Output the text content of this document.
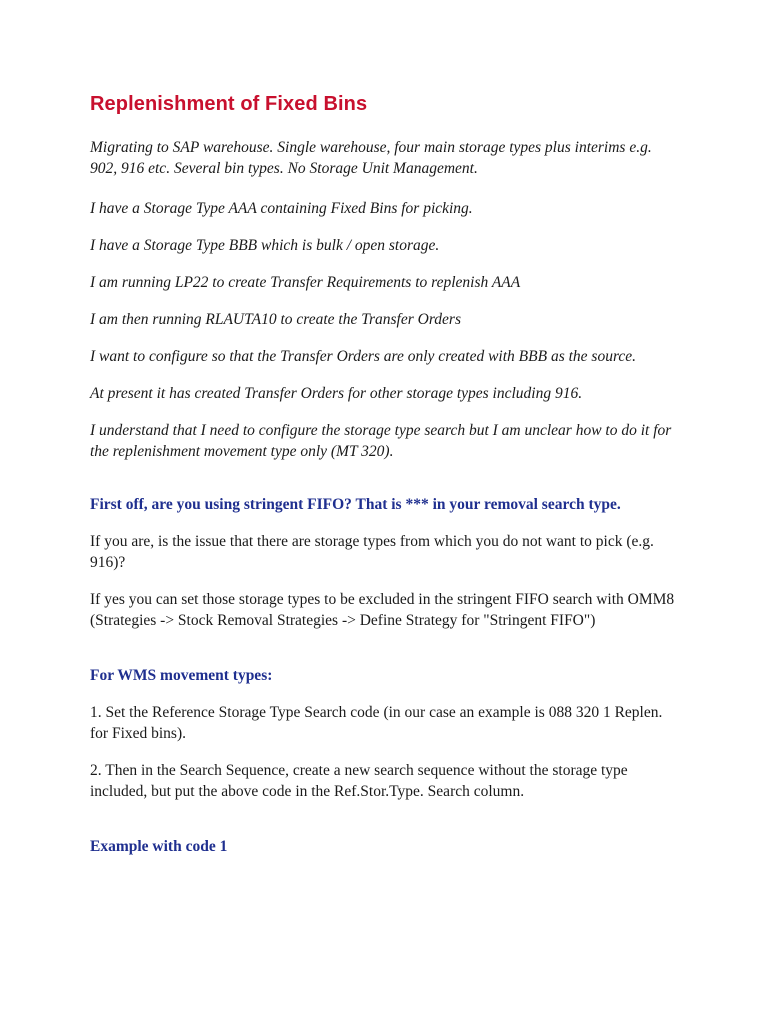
Replenishment of Fixed Bins

Migrating to SAP warehouse. Single warehouse, four main storage types plus interims e.g. 902, 916 etc. Several bin types. No Storage Unit Management.

I have a Storage Type AAA containing Fixed Bins for picking.

I have a Storage Type BBB which is bulk / open storage.

I am running LP22 to create Transfer Requirements to replenish AAA

I am then running RLAUTA10 to create the Transfer Orders

I want to configure so that the Transfer Orders are only created with BBB as the source.

At present it has created Transfer Orders for other storage types including 916.

I understand that I need to configure the storage type search but I am unclear how to do it for the replenishment movement type only (MT 320).

First off, are you using stringent FIFO? That is *** in your removal search type.

If you are, is the issue that there are storage types from which you do not want to pick (e.g. 916)?

If yes you can set those storage types to be excluded in the stringent FIFO search with OMM8 (Strategies -> Stock Removal Strategies -> Define Strategy for "Stringent FIFO")

For WMS movement types:

1. Set the Reference Storage Type Search code (in our case an example is 088 320 1 Replen. for Fixed bins).

2. Then in the Search Sequence, create a new search sequence without the storage type included, but put the above code in the Ref.Stor.Type. Search column.

Example with code 1
